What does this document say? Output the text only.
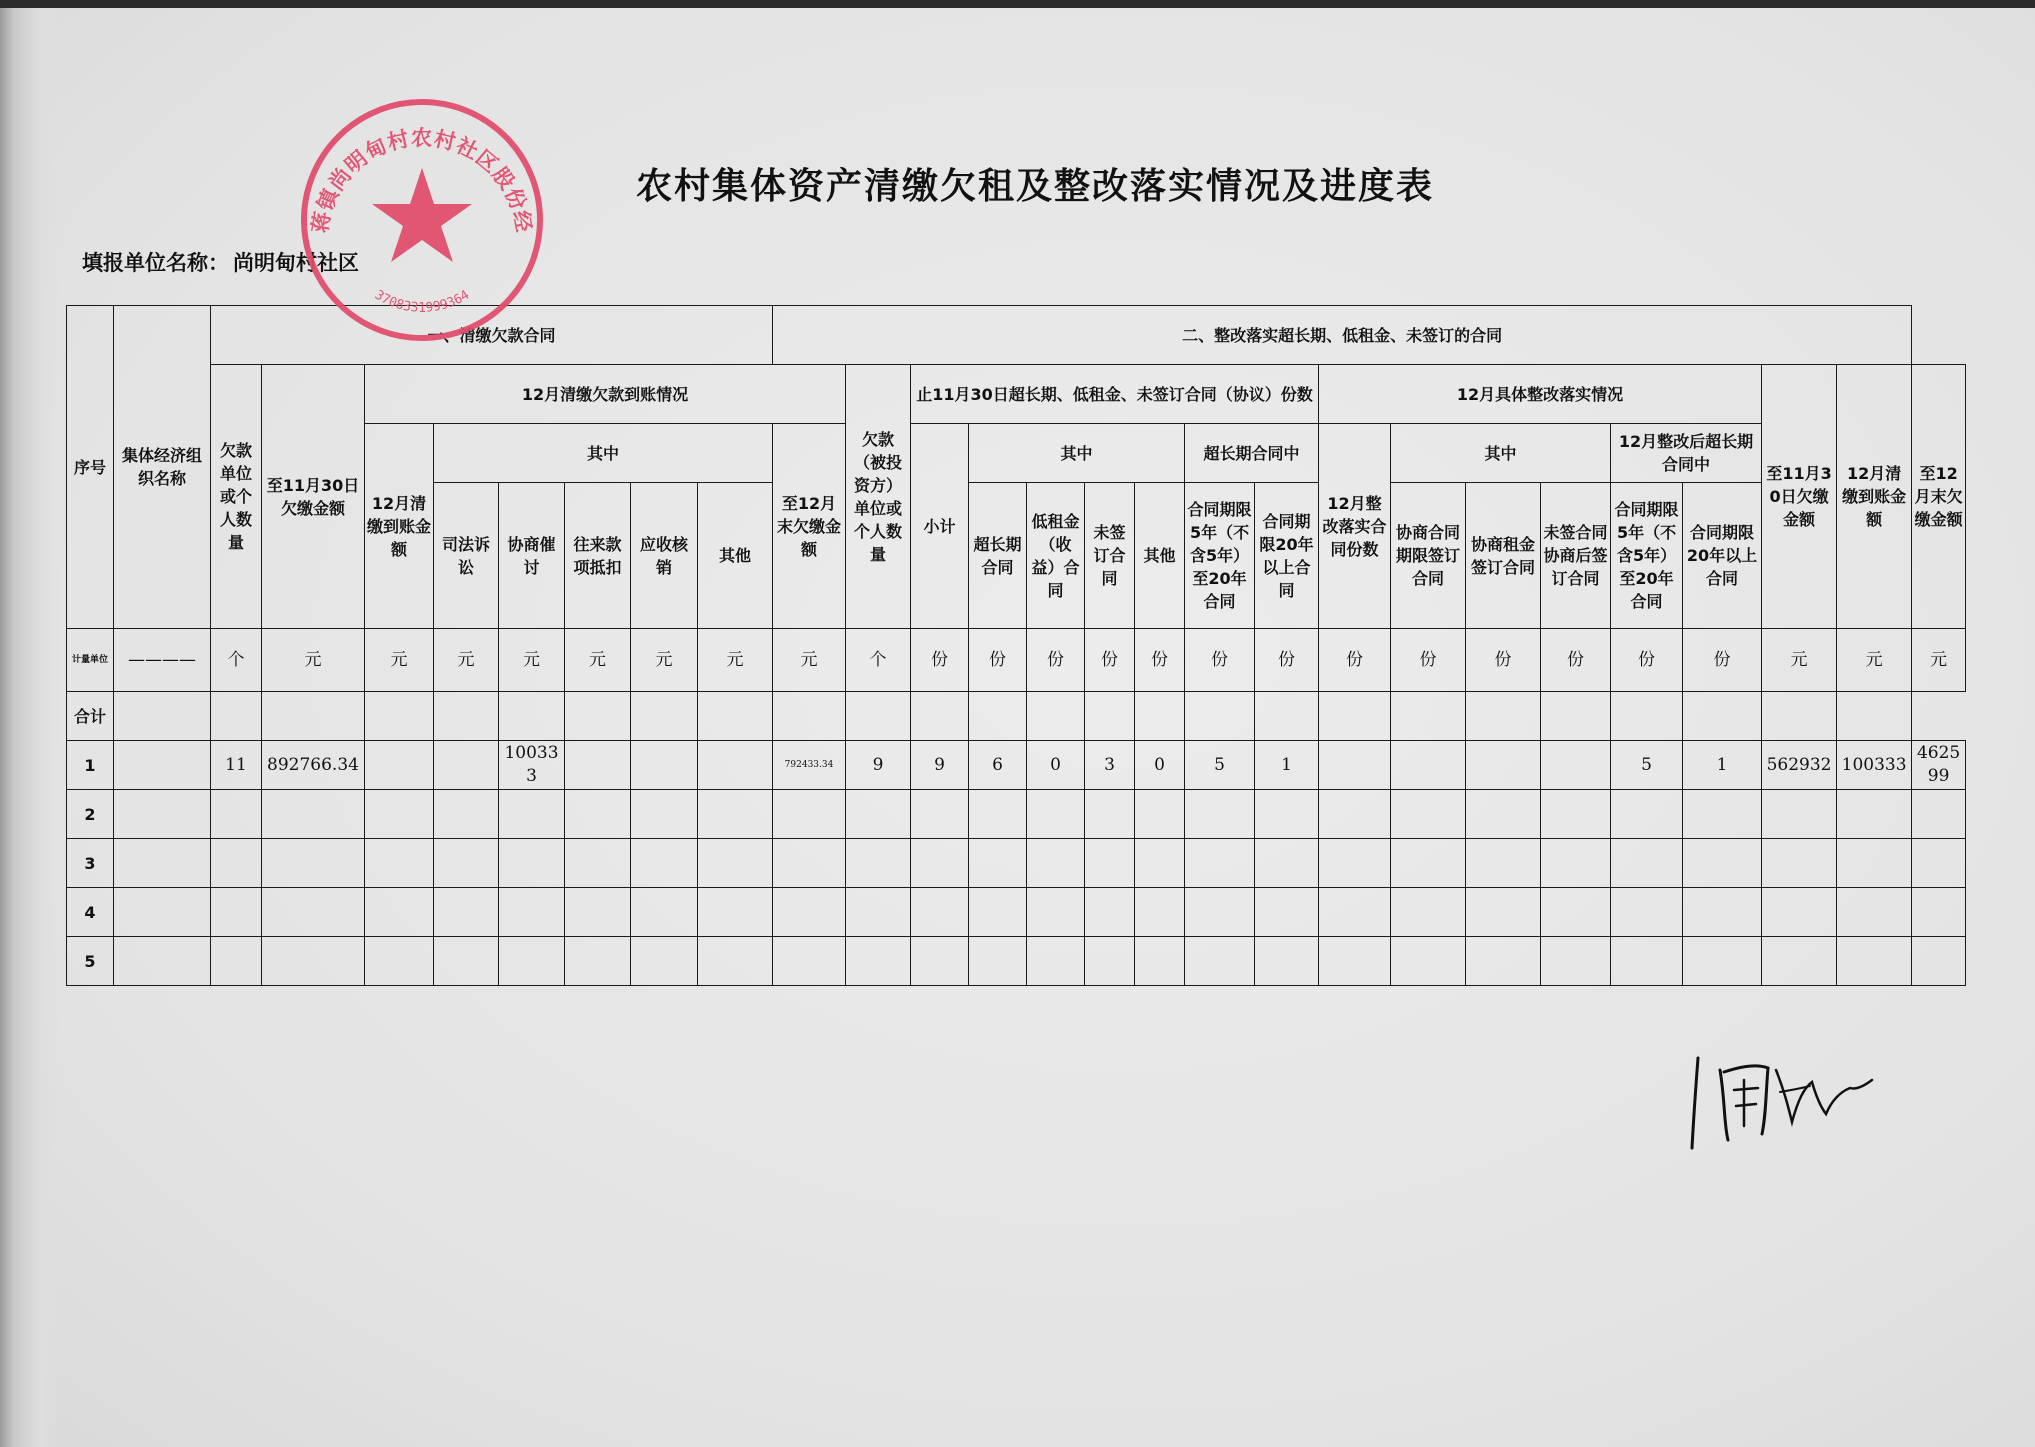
农村集体资产清缴欠租及整改落实情况及进度表
填报单位名称： 尚明甸村社区
序号	集体经济组织名称	一、清缴欠款合同								二、整改落实超长期、低租金、未签订的合同																	
		欠款单位或个人数量	至11月30日欠缴金额	12月清缴欠款到账情况							欠款（被投资方）单位或个人数量	止11月30日超长期、低租金、未签订合同（协议）份数							12月具体整改落实情况						至11月30日欠缴金额	12月清缴到账金额	至12月末欠缴金额
				12月清缴到账金额	其中					至12月末欠缴金额		小计	其中				超长期合同中		12月整改落实合同份数	其中			12月整改后超长期合同中				
					司法诉讼	协商催讨	往来款项抵扣	应收核销	其他				超长期合同	低租金（收益）合同	未签订合同	其他	合同期限5年（不含5年）至20年合同	合同期限20年以上合同		协商合同期限签订合同	协商租金签订合同	未签合同协商后签订合同	合同期限5年（不含5年）至20年合同	合同期限20年以上合同			
计量单位	————	个	元	元	元	元	元	元	元	元	个	份	份	份	份	份	份	份	份	份	份	份	份	份	元	元	元
合计																											
1		11	892766.34			100333				792433.34	9	9	6	0	3	0	5	1					5	1	562932	100333	462599
2																											
3																											
4																											
5																											
蒋镇尚明甸村农村社区股份经
3708331999364
